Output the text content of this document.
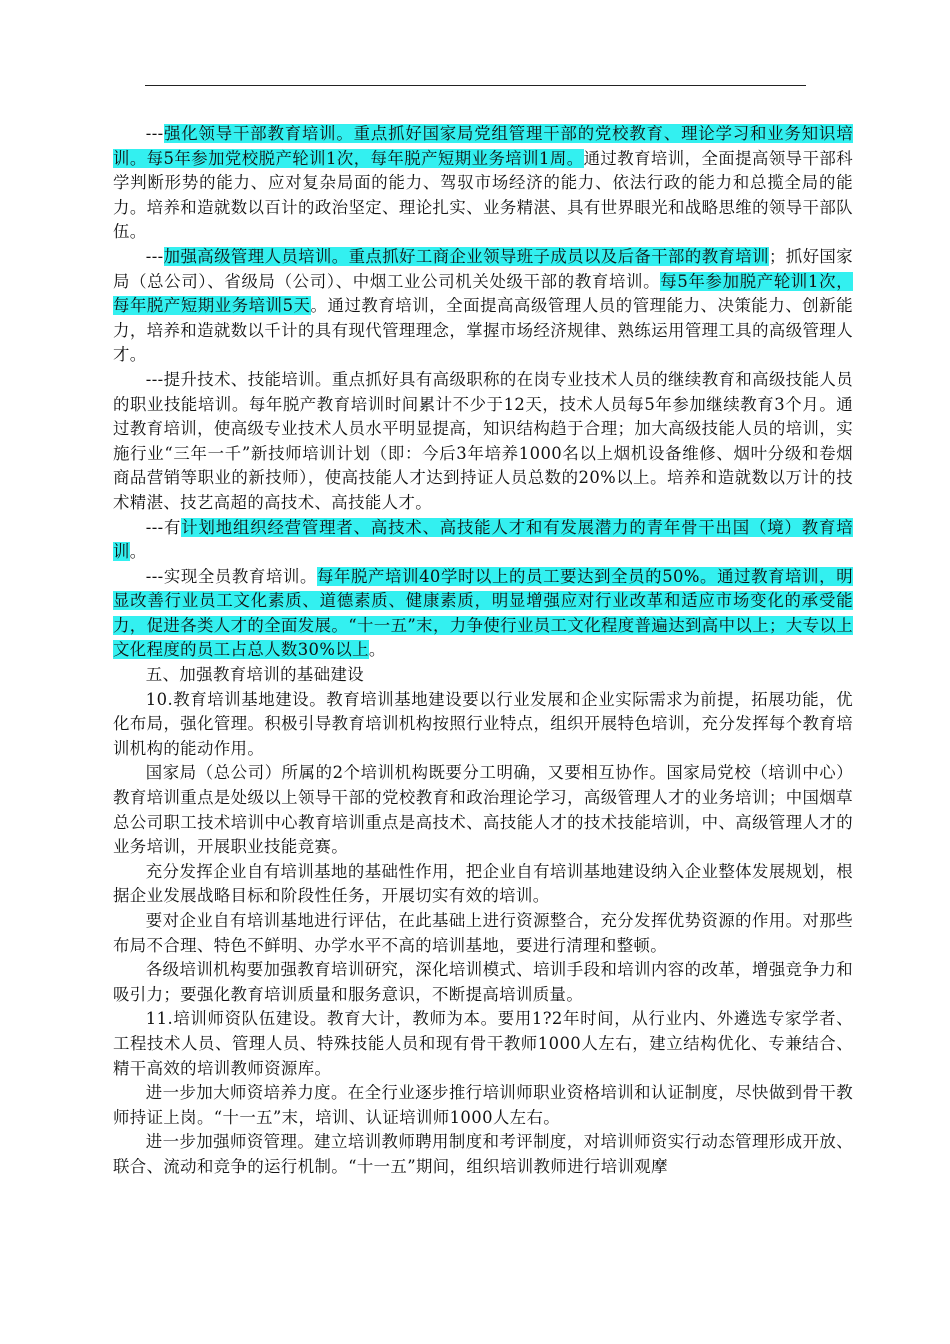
---强化领导干部教育培训。重点抓好国家局党组管理干部的党校教育、理论学习和业务知识培训。每5年参加党校脱产轮训1次，每年脱产短期业务培训1周。通过教育培训，全面提高领导干部科学判断形势的能力、应对复杂局面的能力、驾驭市场经济的能力、依法行政的能力和总揽全局的能力。培养和造就数以百计的政治坚定、理论扎实、业务精湛、具有世界眼光和战略思维的领导干部队伍。

---加强高级管理人员培训。重点抓好工商企业领导班子成员以及后备干部的教育培训；抓好国家局（总公司）、省级局（公司）、中烟工业公司机关处级干部的教育培训。每5年参加脱产轮训1次，每年脱产短期业务培训5天。通过教育培训，全面提高高级管理人员的管理能力、决策能力、创新能力，培养和造就数以千计的具有现代管理理念，掌握市场经济规律、熟练运用管理工具的高级管理人才。

---提升技术、技能培训。重点抓好具有高级职称的在岗专业技术人员的继续教育和高级技能人员的职业技能培训。每年脱产教育培训时间累计不少于12天，技术人员每5年参加继续教育3个月。通过教育培训，使高级专业技术人员水平明显提高，知识结构趋于合理；加大高级技能人员的培训，实施行业“三年一千”新技师培训计划（即：今后3年培养1000名以上烟机设备维修、烟叶分级和卷烟商品营销等职业的新技师），使高技能人才达到持证人员总数的20%以上。培养和造就数以万计的技术精湛、技艺高超的高技术、高技能人才。

---有计划地组织经营管理者、高技术、高技能人才和有发展潜力的青年骨干出国（境）教育培训。

---实现全员教育培训。每年脱产培训40学时以上的员工要达到全员的50%。通过教育培训，明显改善行业员工文化素质、道德素质、健康素质，明显增强应对行业改革和适应市场变化的承受能力，促进各类人才的全面发展。“十一五”末，力争使行业员工文化程度普遍达到高中以上；大专以上文化程度的员工占总人数30%以上。

五、加强教育培训的基础建设

10.教育培训基地建设。教育培训基地建设要以行业发展和企业实际需求为前提，拓展功能，优化布局，强化管理。积极引导教育培训机构按照行业特点，组织开展特色培训，充分发挥每个教育培训机构的能动作用。

国家局（总公司）所属的2个培训机构既要分工明确，又要相互协作。国家局党校（培训中心）教育培训重点是处级以上领导干部的党校教育和政治理论学习，高级管理人才的业务培训；中国烟草总公司职工技术培训中心教育培训重点是高技术、高技能人才的技术技能培训，中、高级管理人才的业务培训，开展职业技能竞赛。

充分发挥企业自有培训基地的基础性作用，把企业自有培训基地建设纳入企业整体发展规划，根据企业发展战略目标和阶段性任务，开展切实有效的培训。

要对企业自有培训基地进行评估，在此基础上进行资源整合，充分发挥优势资源的作用。对那些布局不合理、特色不鲜明、办学水平不高的培训基地，要进行清理和整顿。

各级培训机构要加强教育培训研究，深化培训模式、培训手段和培训内容的改革，增强竞争力和吸引力；要强化教育培训质量和服务意识，不断提高培训质量。

11.培训师资队伍建设。教育大计，教师为本。要用1?2年时间，从行业内、外遴选专家学者、工程技术人员、管理人员、特殊技能人员和现有骨干教师1000人左右，建立结构优化、专兼结合、精干高效的培训教师资源库。

进一步加大师资培养力度。在全行业逐步推行培训师职业资格培训和认证制度，尽快做到骨干教师持证上岗。“十一五”末，培训、认证培训师1000人左右。

进一步加强师资管理。建立培训教师聘用制度和考评制度，对培训师资实行动态管理形成开放、联合、流动和竞争的运行机制。“十一五”期间，组织培训教师进行培训观摩
